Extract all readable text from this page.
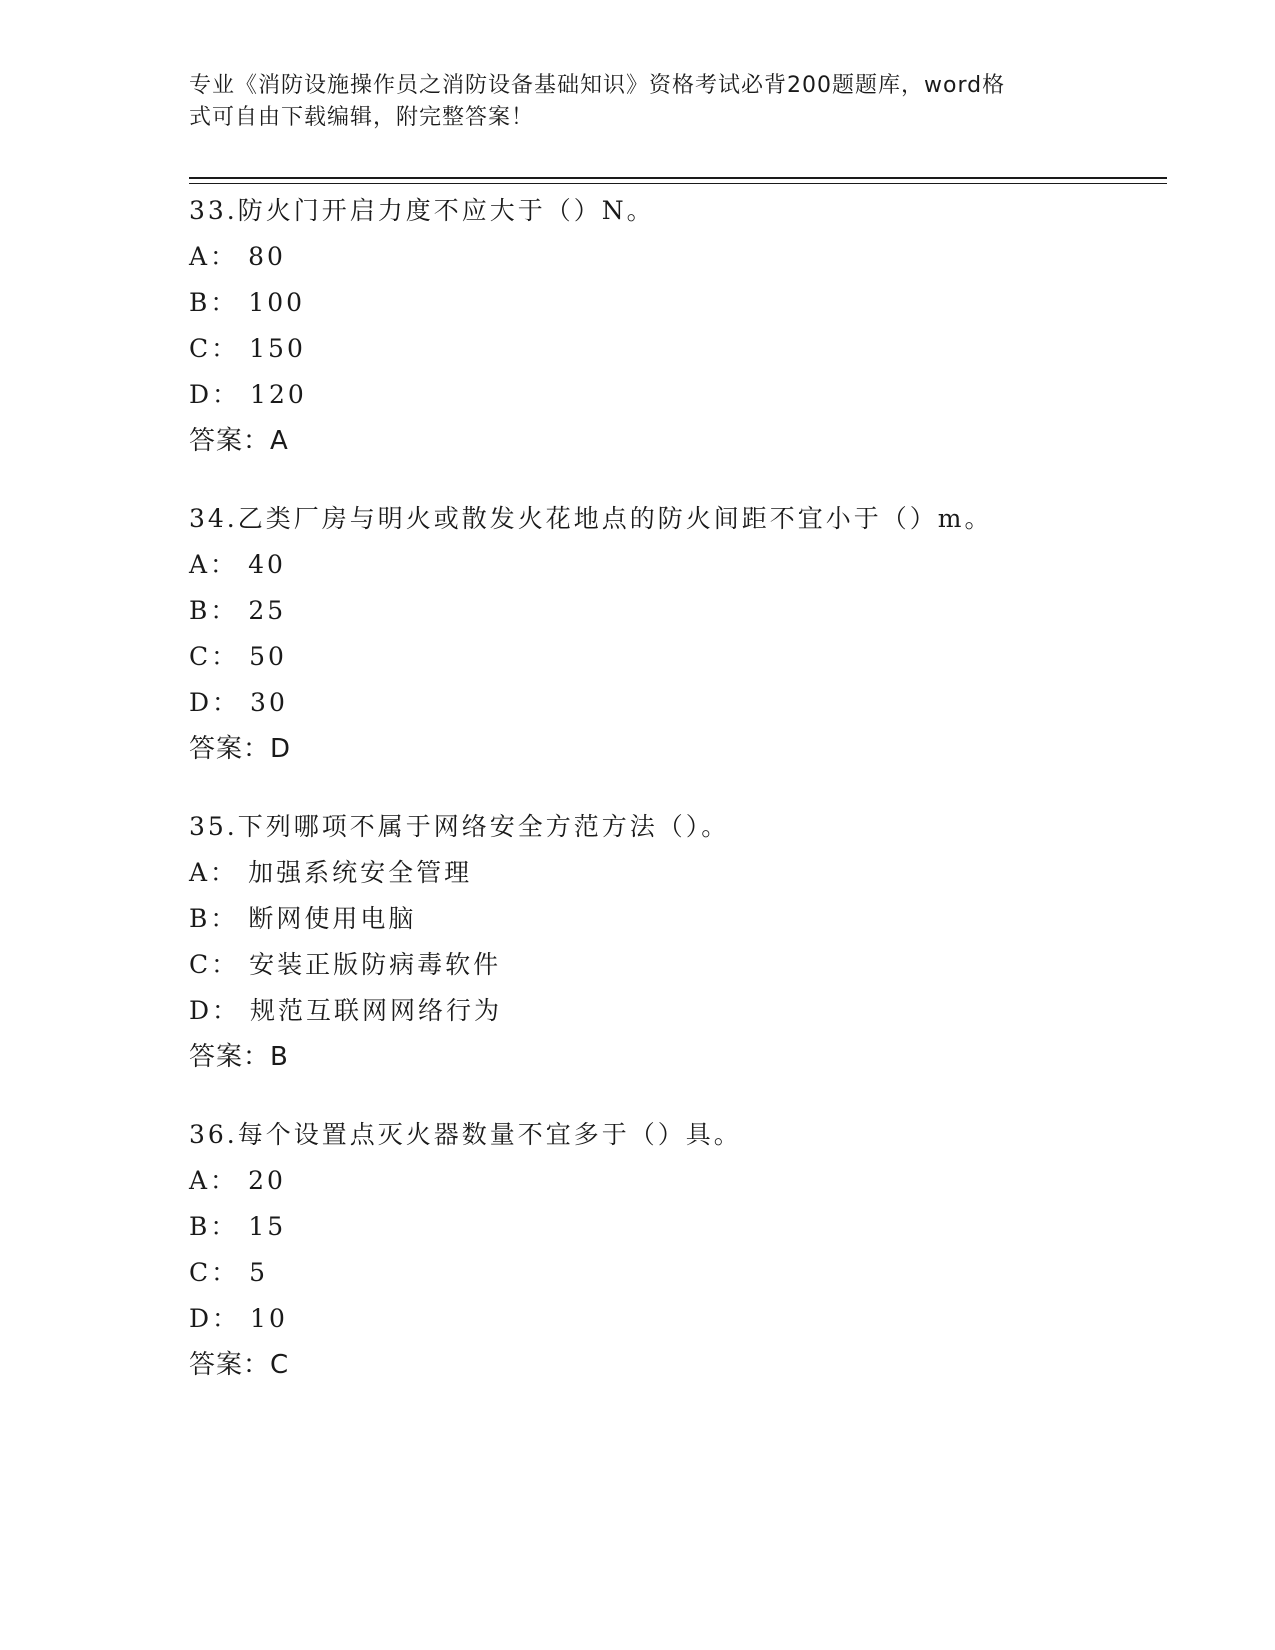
专业《消防设施操作员之消防设备基础知识》资格考试必背200题题库，word格
式可自由下载编辑，附完整答案！
33.防火门开启力度不应大于（）N。
A： 80
B： 100
C： 150
D： 120
答案：A
34.乙类厂房与明火或散发火花地点的防火间距不宜小于（）m。
A： 40
B： 25
C： 50
D： 30
答案：D
35.下列哪项不属于网络安全方范方法（）。
A： 加强系统安全管理
B： 断网使用电脑
C： 安装正版防病毒软件
D： 规范互联网网络行为
答案：B
36.每个设置点灭火器数量不宜多于（）具。
A： 20
B： 15
C： 5
D： 10
答案：C
